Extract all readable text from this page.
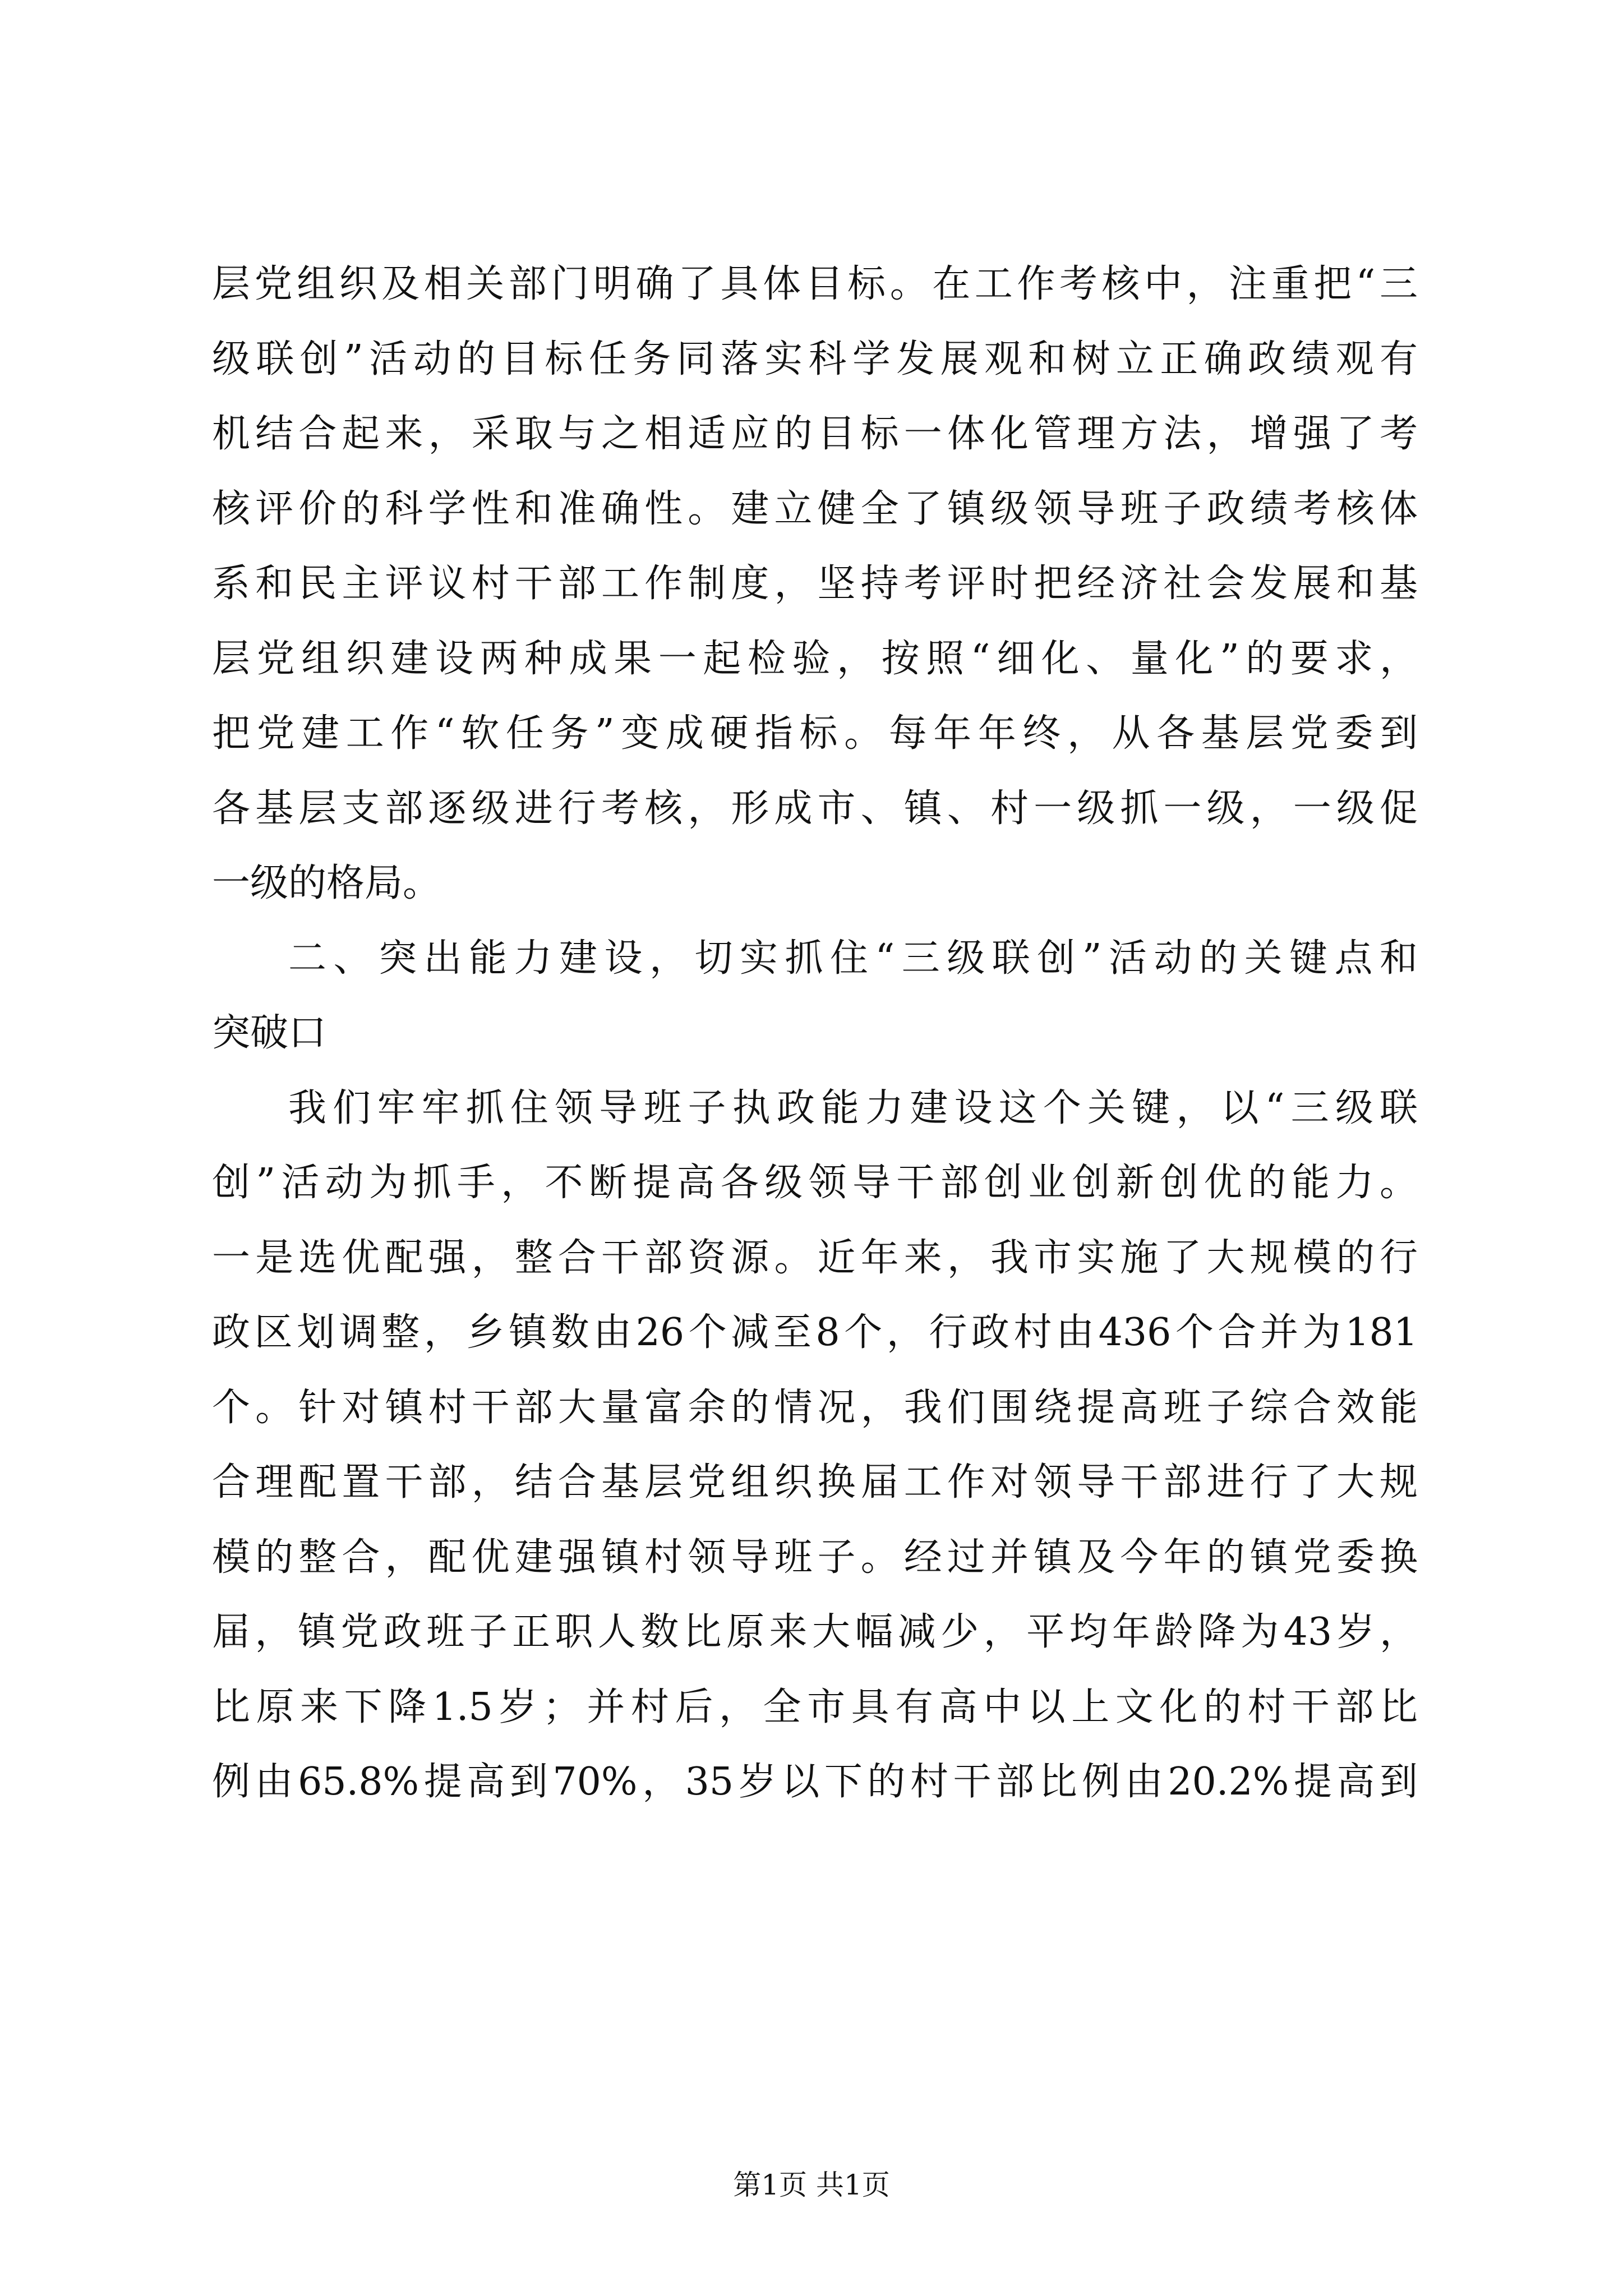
层党组织及相关部门明确了具体目标。在工作考核中，注重把“三
级联创”活动的目标任务同落实科学发展观和树立正确政绩观有
机结合起来，采取与之相适应的目标一体化管理方法，增强了考
核评价的科学性和准确性。建立健全了镇级领导班子政绩考核体
系和民主评议村干部工作制度，坚持考评时把经济社会发展和基
层党组织建设两种成果一起检验，按照“细化、量化”的要求，
把党建工作“软任务”变成硬指标。每年年终，从各基层党委到
各基层支部逐级进行考核，形成市、镇、村一级抓一级，一级促
一级的格局。
二、突出能力建设，切实抓住“三级联创”活动的关键点和
突破口
我们牢牢抓住领导班子执政能力建设这个关键，以“三级联
创”活动为抓手，不断提高各级领导干部创业创新创优的能力。
一是选优配强，整合干部资源。近年来，我市实施了大规模的行
政区划调整，乡镇数由26个减至8个，行政村由436个合并为181
个。针对镇村干部大量富余的情况，我们围绕提高班子综合效能
合理配置干部，结合基层党组织换届工作对领导干部进行了大规
模的整合，配优建强镇村领导班子。经过并镇及今年的镇党委换
届，镇党政班子正职人数比原来大幅减少，平均年龄降为43岁，
比原来下降1.5岁；并村后，全市具有高中以上文化的村干部比
例由65.8%提高到70%，35岁以下的村干部比例由20.2%提高到
第1页 共1页
